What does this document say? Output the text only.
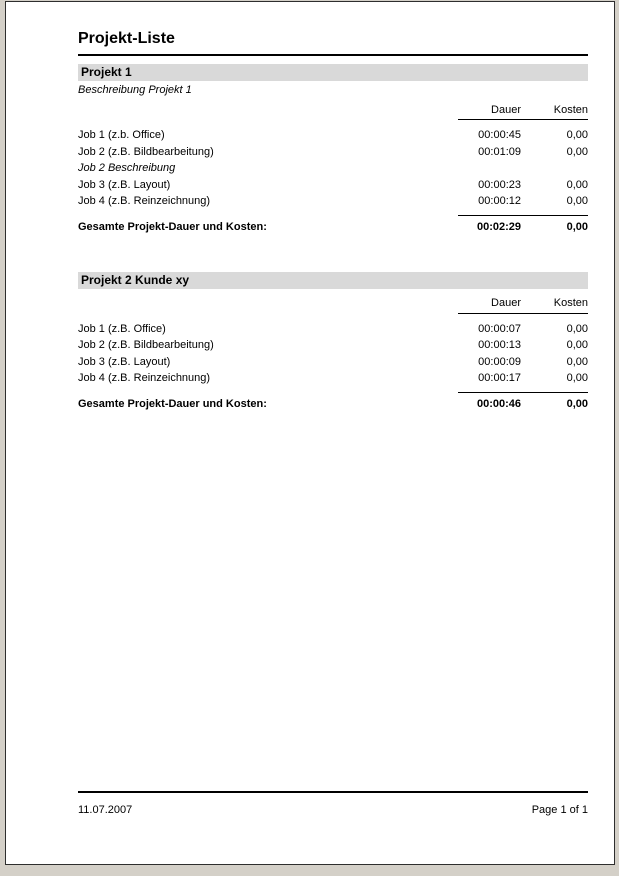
Projekt-Liste
Projekt 1
Beschreibung Projekt 1
Dauer	Kosten
Job 1 (z.b. Office)	00:00:45	0,00
Job 2 (z.B. Bildbearbeitung)	00:01:09	0,00
Job 2 Beschreibung
Job 3 (z.B. Layout)	00:00:23	0,00
Job 4 (z.B. Reinzeichnung)	00:00:12	0,00
Gesamte Projekt-Dauer und Kosten:	00:02:29	0,00
Projekt 2 Kunde xy
Dauer	Kosten
Job 1 (z.B. Office)	00:00:07	0,00
Job 2 (z.B. Bildbearbeitung)	00:00:13	0,00
Job 3 (z.B. Layout)	00:00:09	0,00
Job 4 (z.B. Reinzeichnung)	00:00:17	0,00
Gesamte Projekt-Dauer und Kosten:	00:00:46	0,00
11.07.2007	Page 1 of 1
